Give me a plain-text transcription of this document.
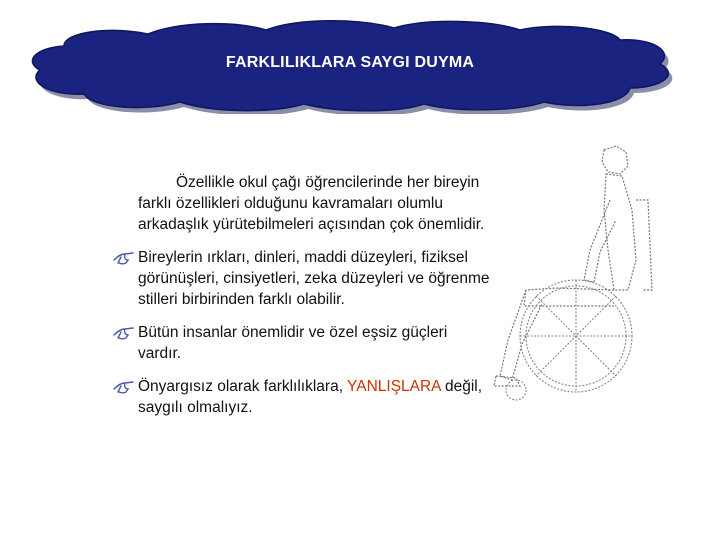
FARKLILIKLARA SAYGI DUYMA

Özellikle okul çağı öğrencilerinde her bireyin farklı özellikleri olduğunu kavramaları olumlu arkadaşlık yürütebilmeleri açısından çok önemlidir.

Bireylerin ırkları, dinleri, maddi düzeyleri, fiziksel görünüşleri, cinsiyetleri, zeka düzeyleri ve öğrenme stilleri birbirinden farklı olabilir.

Bütün insanlar önemlidir ve özel eşsiz güçleri vardır.

Önyargısız olarak farklılıklara, YANLIŞLARA değil, saygılı olmalıyız.
